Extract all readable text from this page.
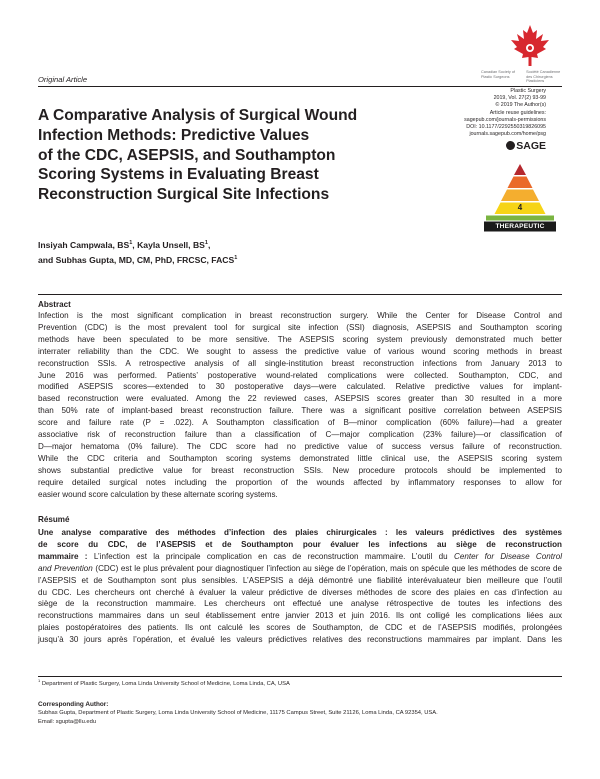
Canadian Society of
Plastic Surgeons

Société Canadienne
des Chirurgiens
Plasticiens
Original Article
Plastic Surgery
2019, Vol. 27(2) 93-99
© 2019 The Author(s)
Article reuse guidelines:
sagepub.com/journals-permissions
DOI: 10.1177/2292550319826095
journals.sagepub.com/home/psg
SAGE
4
THERAPEUTIC
A Comparative Analysis of Surgical Wound
Infection Methods: Predictive Values
of the CDC, ASEPSIS, and Southampton
Scoring Systems in Evaluating Breast
Reconstruction Surgical Site Infections
Insiyah Campwala, $BS^1$, Kayla Unsell, $BS^1$,
and Subhas Gupta, MD, CM, PhD, FRCSC, FACS$^1$
Abstract
Infection is the most significant complication in breast reconstruction surgery. While the Center for Disease Control and
Prevention (CDC) is the most prevalent tool for surgical site infection (SSI) diagnosis, ASEPSIS and Southampton scoring
methods have been speculated to be more sensitive. The ASEPSIS scoring system previously demonstrated much better
interrater reliability than the CDC. We sought to assess the predictive value of various wound scoring methods in breast
reconstruction SSIs. A retrospective analysis of all single-institution breast reconstruction infections from January 2013 to
June 2016 was performed. Patients’ postoperative wound-related complications were collected. Southampton, CDC, and
modified ASEPSIS scores—extended to 30 postoperative days—were calculated. Relative predictive values for implant-
based reconstruction were evaluated. Among the 22 reviewed cases, ASEPSIS scores greater than 30 resulted in a more
than 50% rate of implant-based breast reconstruction failure. There was a significant positive correlation between ASEPSIS
score and failure rate (P = .022). A Southampton classification of B—minor complication (60% failure)—had a greater
associative risk of reconstruction failure than a classification of C—major complication (23% failure)—or classification of
D—major hematoma (0% failure). The CDC score had no predictive value of success versus failure of reconstruction.
While the CDC criteria and Southampton scoring systems demonstrated little clinical use, the ASEPSIS scoring system
shows substantial predictive value for breast reconstruction SSIs. New procedure protocols should be implemented to
require detailed surgical notes including the proportion of the wounds affected by inflammatory responses to allow for
easier wound score calculation by these alternate scoring systems.
Résumé
Une analyse comparative des méthodes d’infection des plaies chirurgicales : les valeurs prédictives des systèmes
de score du CDC, de l’ASEPSIS et de Southampton pour évaluer les infections au siège de reconstruction
mammaire : L’infection est la principale complication en cas de reconstruction mammaire. L’outil du Center for Disease Control
and Prevention (CDC) est le plus prévalent pour diagnostiquer l’infection au siège de l’opération, mais on spécule que les méthodes de score de
l’ASEPSIS et de Southampton sont plus sensibles. L’ASEPSIS a déjà démontré une fiabilité interévaluateur bien meilleure que l’outil
du CDC. Les chercheurs ont cherché à évaluer la valeur prédictive de diverses méthodes de score des plaies en cas d’infection au
siège de la reconstruction mammaire. Les chercheurs ont effectué une analyse rétrospective de toutes les infections des
reconstructions mammaires dans un seul établissement entre janvier 2013 et juin 2016. Ils ont colligé les complications liées aux
plaies postopératoires des patients. Ils ont calculé les scores de Southampton, de CDC et de l’ASEPSIS modifiés, prolongées
jusqu’à 30 jours après l’opération, et évalué les valeurs prédictives relatives des reconstructions mammaires par implant. Dans les
$^1$ Department of Plastic Surgery, Loma Linda University School of Medicine, Loma Linda, CA, USA
Corresponding Author:
Subhas Gupta, Department of Plastic Surgery, Loma Linda University School of Medicine, 11175 Campus Street, Suite 21126, Loma Linda, CA 92354, USA.
Email: sgupta@llu.edu
